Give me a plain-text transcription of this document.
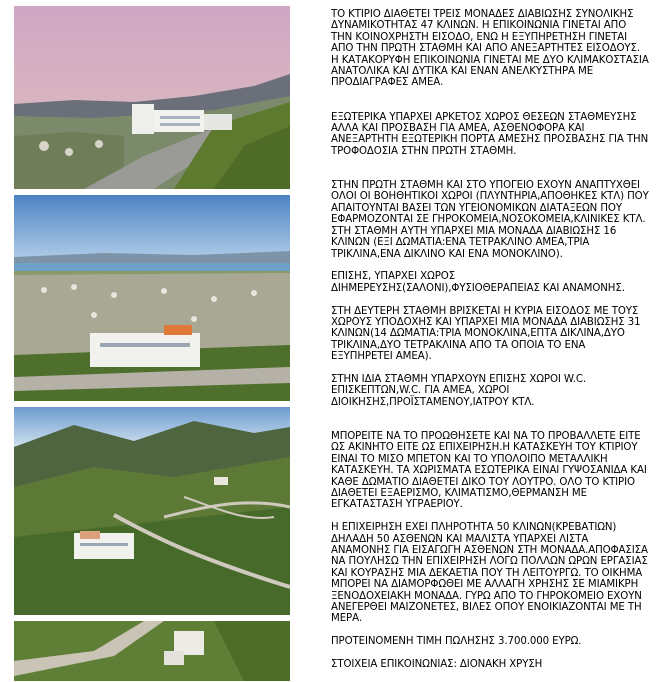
ΤΟ ΚΤΙΡΙΟ ΔΙΑΘΕΤΕΙ ΤΡΕΙΣ ΜΟΝΑΔΕΣ ΔΙΑΒΙΩΣΗΣ ΣΥΝΟΛΙΚΗΣ ΔΥΝΑΜΙΚΟΤΗΤΑΣ 47 ΚΛΙΝΩΝ. Η ΕΠΙΚΟΙΝΩΝΙΑ ΓΙΝΕΤΑΙ ΑΠΟ ΤΗΝ ΚΟΙΝΟΧΡΗΣΤΗ ΕΙΣΟΔΟ, ΕΝΩ Η ΕΞΥΠΗΡΕΤΗΣΗ ΓΙΝΕΤΑΙ ΑΠΟ ΤΗΝ ΠΡΩΤΗ ΣΤΑΘΜΗ ΚΑΙ ΑΠΟ ΑΝΕΞΑΡΤΗΤΕΣ ΕΙΣΟΔΟΥΣ. Η ΚΑΤΑΚΟΡΥΦΗ ΕΠΙΚΟΙΝΩΝΙΑ ΓΙΝΕΤΑΙ ΜΕ ΔΥΟ ΚΛΙΜΑΚΟΣΤΑΣΙΑ ΑΝΑΤΟΛΙΚΑ ΚΑΙ ΔΥΤΙΚΑ ΚΑΙ ΕΝΑΝ ΑΝΕΛΚΥΣΤΗΡΑ ΜΕ ΠΡΟΔΙΑΓΡΑΦΕΣ ΑΜΕΑ.

ΕΞΩΤΕΡΙΚΑ ΥΠΑΡΧΕΙ ΑΡΚΕΤΟΣ ΧΩΡΟΣ ΘΕΣΕΩΝ ΣΤΑΘΜΕΥΣΗΣ ΑΛΛΑ ΚΑΙ ΠΡΟΣΒΑΣΗ ΓΙΑ ΑΜΕΑ, ΑΣΘΕΝΟΦΟΡΑ ΚΑΙ ΑΝΕΞΑΡΤΗΤΗ ΕΞΩΤΕΡΙΚΗ ΠΟΡΤΑ ΑΜΕΣΗΣ ΠΡΟΣΒΑΣΗΣ ΓΙΑ ΤΗΝ ΤΡΟΦΟΔΟΣΙΑ ΣΤΗΝ ΠΡΩΤΗ ΣΤΑΘΜΗ.

ΣΤΗΝ ΠΡΩΤΗ ΣΤΑΘΜΗ ΚΑΙ ΣΤΟ ΥΠΟΓΕΙΟ ΕΧΟΥΝ ΑΝΑΠΤΥΧΘΕΙ ΟΛΟΙ ΟΙ ΒΟΗΘΗΤΙΚΟΙ ΧΩΡΟΙ (ΠΛΥΝΤΗΡΙΑ,ΑΠΟΘΗΚΕΣ ΚΤΛ) ΠΟΥ ΑΠΑΙΤΟΥΝΤΑΙ ΒΑΣΕΙ ΤΩΝ ΥΓΕΙΟΝΟΜΙΚΩΝ ΔΙΑΤΑΞΕΩΝ ΠΟΥ ΕΦΑΡΜΟΖΟΝΤΑΙ ΣΕ ΓΗΡΟΚΟΜΕΙΑ,ΝΟΣΟΚΟΜΕΙΑ,ΚΛΙΝΙΚΕΣ ΚΤΛ. ΣΤΗ ΣΤΑΘΜΗ ΑΥΤΗ ΥΠΑΡΧΕΙ ΜΙΑ ΜΟΝΑΔΑ ΔΙΑΒΙΩΣΗΣ 16 ΚΛΙΝΩΝ (ΕΞΙ ΔΩΜΑΤΙΑ:ΕΝΑ ΤΕΤΡΑΚΛΙΝΟ ΑΜΕΑ,ΤΡΙΑ ΤΡΙΚΛΙΝΑ,ΕΝΑ ΔΙΚΛΙΝΟ ΚΑΙ ΕΝΑ ΜΟΝΟΚΛΙΝΟ).

ΕΠΙΣΗΣ, ΥΠΑΡΧΕΙ ΧΩΡΟΣ ΔΙΗΜΕΡΕΥΣΗΣ(ΣΑΛΟΝΙ),ΦΥΣΙΟΘΕΡΑΠΕΙΑΣ ΚΑΙ ΑΝΑΜΟΝΗΣ.

ΣΤΗ ΔΕΥΤΕΡΗ ΣΤΑΘΜΗ ΒΡΙΣΚΕΤΑΙ Η ΚΥΡΙΑ ΕΙΣΟΔΟΣ ΜΕ ΤΟΥΣ ΧΩΡΟΥΣ ΥΠΟΔΟΧΗΣ ΚΑΙ ΥΠΑΡΧΕΙ ΜΙΑ ΜΟΝΑΔΑ ΔΙΑΒΙΩΣΗΣ 31 ΚΛΙΝΩΝ(14 ΔΩΜΑΤΙΑ:ΤΡΙΑ ΜΟΝΟΚΛΙΝΑ,ΕΠΤΑ ΔΙΚΛΙΝΑ,ΔΥΟ ΤΡΙΚΛΙΝΑ,ΔΥΟ ΤΕΤΡΑΚΛΙΝΑ ΑΠΟ ΤΑ ΟΠΟΙΑ ΤΟ ΕΝΑ ΕΞΥΠΗΡΕΤΕΙ ΑΜΕΑ).

ΣΤΗΝ ΙΔΙΑ ΣΤΑΘΜΗ ΥΠΑΡΧΟΥΝ ΕΠΙΣΗΣ ΧΩΡΟΙ W.C. ΕΠΙΣΚΕΠΤΩΝ,W.C. ΓΙΑ ΑΜΕΑ, ΧΩΡΟΙ ΔΙΟΙΚΗΣΗΣ,ΠΡΟΪΣΤΑΜΕΝΟΥ,ΙΑΤΡΟΥ ΚΤΛ.

ΜΠΟΡΕΙΤΕ ΝΑ ΤΟ ΠΡΟΩΘΗΣΕΤΕ ΚΑΙ ΝΑ ΤΟ ΠΡΟΒΑΛΛΕΤΕ ΕΙΤΕ ΩΣ ΑΚΙΝΗΤΟ ΕΙΤΕ ΩΣ ΕΠΙΧΕΙΡΗΣΗ.Η ΚΑΤΑΣΚΕΥΗ ΤΟΥ ΚΤΙΡΙΟΥ ΕΙΝΑΙ ΤΟ ΜΙΣΟ ΜΠΕΤΟΝ ΚΑΙ ΤΟ ΥΠΟΛΟΙΠΟ ΜΕΤΑΛΛΙΚΗ ΚΑΤΑΣΚΕΥΗ. ΤΑ ΧΩΡΙΣΜΑΤΑ ΕΣΩΤΕΡΙΚΑ ΕΙΝΑΙ ΓΥΨΟΣΑΝΙΔΑ ΚΑΙ ΚΑΘΕ ΔΩΜΑΤΙΟ ΔΙΑΘΕΤΕΙ ΔΙΚΟ ΤΟΥ ΛΟΥΤΡΟ. ΟΛΟ ΤΟ ΚΤΙΡΙΟ ΔΙΑΘΕΤΕΙ ΕΞΑΕΡΙΣΜΟ, ΚΛΙΜΑΤΙΣΜΟ,ΘΕΡΜΑΝΣΗ ΜΕ ΕΓΚΑΤΑΣΤΑΣΗ ΥΓΡΑΕΡΙΟΥ.

Η ΕΠΙΧΕΙΡΗΣΗ ΕΧΕΙ ΠΛΗΡΟΤΗΤΑ 50 ΚΛΙΝΩΝ(ΚΡΕΒΑΤΙΩΝ) ΔΗΛΑΔΗ 50 ΑΣΘΕΝΩΝ ΚΑΙ ΜΑΛΙΣΤΑ ΥΠΑΡΧΕΙ ΛΙΣΤΑ ΑΝΑΜΟΝΗΣ ΓΙΑ ΕΙΣΑΓΩΓΗ ΑΣΘΕΝΩΝ ΣΤΗ ΜΟΝΑΔΑ.ΑΠΟΦΑΣΙΣΑ ΝΑ ΠΟΥΛΗΣΩ ΤΗΝ ΕΠΙΧΕΙΡΗΣΗ ΛΟΓΩ ΠΟΛΛΩΝ ΩΡΩΝ ΕΡΓΑΣΙΑΣ ΚΑΙ ΚΟΥΡΑΣΗΣ ΜΙΑ ΔΕΚΑΕΤΙΑ ΠΟΥ ΤΗ ΛΕΙΤΟΥΡΓΩ. ΤΟ ΟΙΚΗΜΑ ΜΠΟΡΕΙ ΝΑ ΔΙΑΜΟΡΦΩΘΕΙ ΜΕ ΑΛΛΑΓΗ ΧΡΗΣΗΣ ΣΕ ΜΙΑΜΙΚΡΗ ΞΕΝΟΔΟΧΕΙΑΚΗ ΜΟΝΑΔΑ. ΓΥΡΩ ΑΠΟ ΤΟ ΓΗΡΟΚΟΜΕΙΟ ΕΧΟΥΝ ΑΝΕΓΕΡΘΕΙ ΜΑΙΖΟΝΕΤΕΣ, ΒΙΛΕΣ ΟΠΟΥ ΕΝΟΙΚΙΑΖΟΝΤΑΙ ΜΕ ΤΗ ΜΕΡΑ.

ΠΡΟΤΕΙΝΟΜΕΝΗ ΤΙΜΗ ΠΩΛΗΣΗΣ 3.700.000 ΕΥΡΩ.

ΣΤΟΙΧΕΙΑ ΕΠΙΚΟΙΝΩΝΙΑΣ: ΔΙΟΝΑΚΗ ΧΡΥΣΗ
